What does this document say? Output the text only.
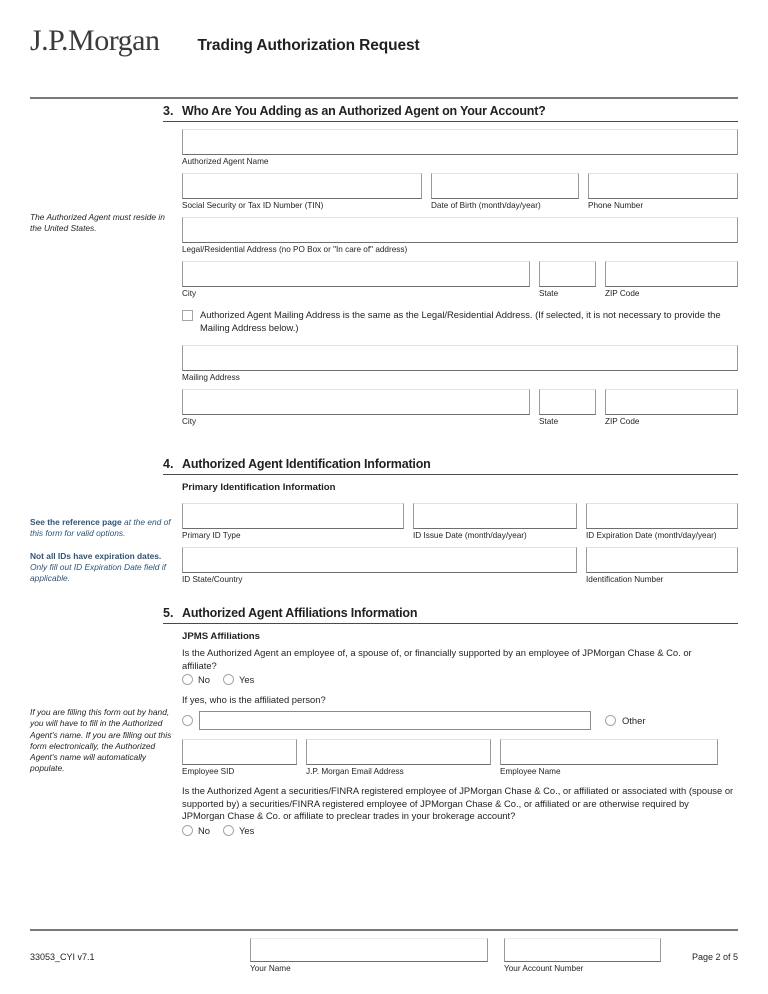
J.P.Morgan Trading Authorization Request
The Authorized Agent must reside in the United States.
See the reference page at the end of this form for valid options.
Not all IDs have expiration dates. Only fill out ID Expiration Date field if applicable.
If you are filling this form out by hand, you will have to fill in the Authorized Agent's name. If you are filling out this form electronically, the Authorized Agent's name will automatically populate.
3. Who Are You Adding as an Authorized Agent on Your Account?
Authorized Agent Name
Social Security or Tax ID Number (TIN)	Date of Birth (month/day/year)	Phone Number
Legal/Residential Address (no PO Box or "In care of" address)
City	State	ZIP Code
Authorized Agent Mailing Address is the same as the Legal/Residential Address. (If selected, it is not necessary to provide the Mailing Address below.)
Mailing Address
City	State	ZIP Code
4. Authorized Agent Identification Information
Primary Identification Information
Primary ID Type	ID Issue Date (month/day/year)	ID Expiration Date (month/day/year)
ID State/Country	Identification Number
5. Authorized Agent Affiliations Information
JPMS Affiliations
Is the Authorized Agent an employee of, a spouse of, or financially supported by an employee of JPMorgan Chase & Co. or affiliate?
No	Yes
If yes, who is the affiliated person?
Other
Employee SID	J.P. Morgan Email Address	Employee Name
Is the Authorized Agent a securities/FINRA registered employee of JPMorgan Chase & Co., or affiliated or associated with (spouse or supported by) a securities/FINRA registered employee of JPMorgan Chase & Co., or affiliated or are otherwise required by JPMorgan Chase & Co. or affiliate to preclear trades in your brokerage account?
No	Yes
33053_CYI v7.1
Your Name	Your Account Number
Page 2 of 5
